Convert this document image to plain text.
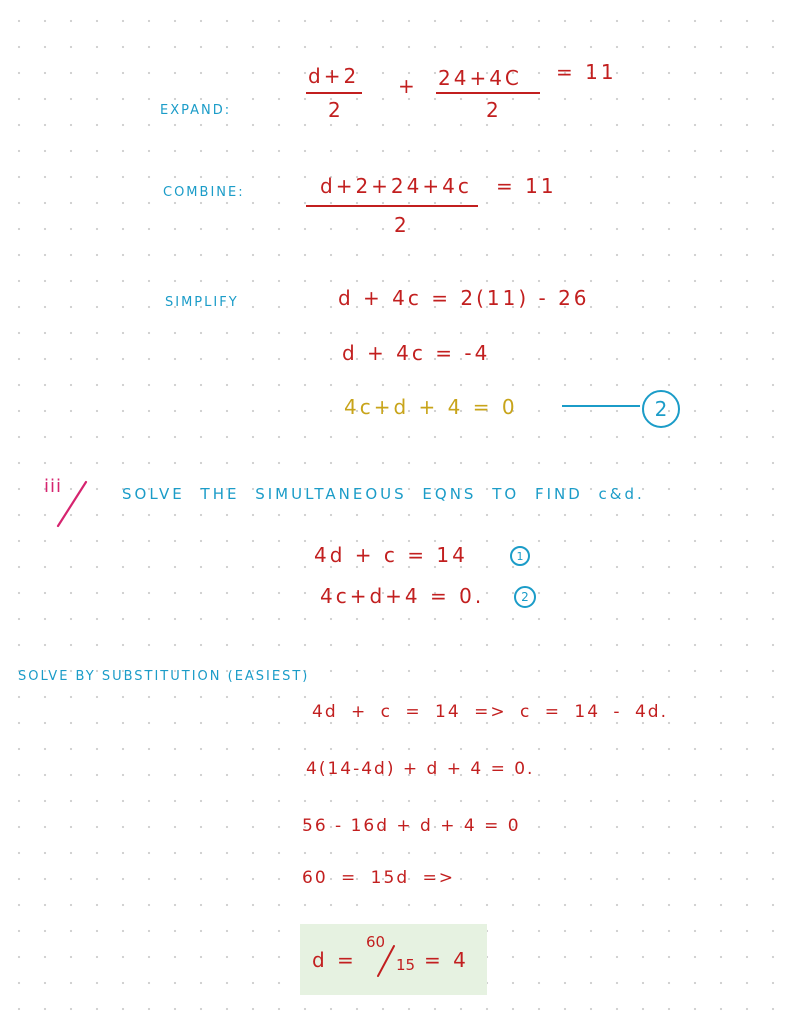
EXPAND:
d+2
2
+ 24+4C
2
= 11
COMBINE:	d+2+24+4c
2
= 11
SIMPLIFY	d + 4c = 2(11) - 26
d + 4c = -4
4c+d + 4 = 0	2
iii	SOLVE THE SIMULTANEOUS EQNS TO FIND c&d.
4d + c = 14	1
4c+d+4 = 0.	2
SOLVE BY SUBSTITUTION (EASIEST)
4d + c = 14 => c = 14 - 4d.
4(14-4d) + d + 4 = 0.
56 - 16d + d + 4 = 0
60 = 15d =>
d =
60
15 = 4
